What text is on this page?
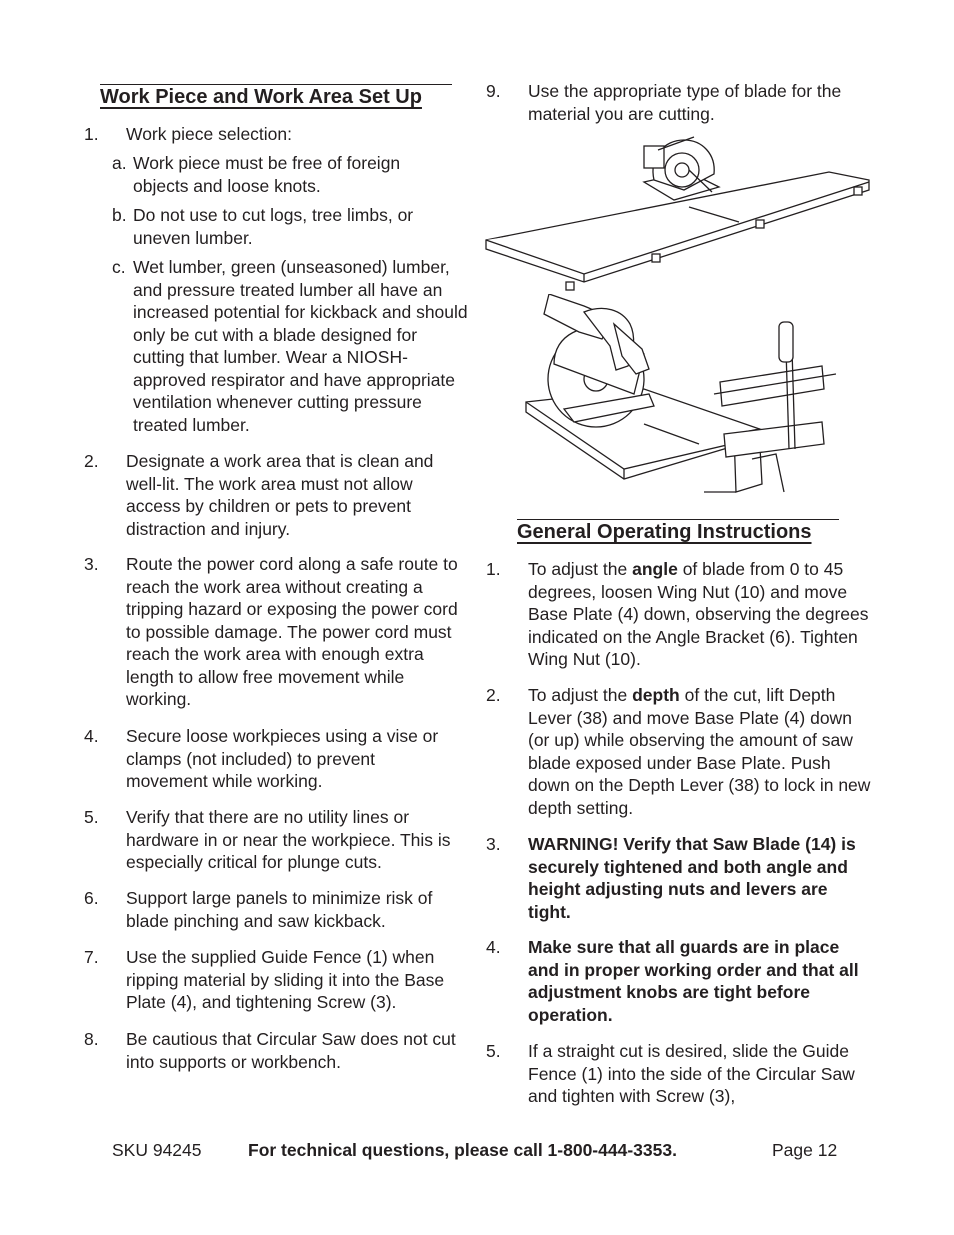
Work Piece and Work Area Set Up
1. Work piece selection:
a. Work piece must be free of foreign objects and loose knots.
b. Do not use to cut logs, tree limbs, or uneven lumber.
c. Wet lumber, green (unseasoned) lumber, and pressure treated lumber all have an increased potential for kickback and should only be cut with a blade designed for cutting that lumber. Wear a NIOSH-approved respirator and have appropriate ventilation whenever cutting pressure treated lumber.
2. Designate a work area that is clean and well-lit. The work area must not allow access by children or pets to prevent distraction and injury.
3. Route the power cord along a safe route to reach the work area without creating a tripping hazard or exposing the power cord to possible damage. The power cord must reach the work area with enough extra length to allow free movement while working.
4. Secure loose workpieces using a vise or clamps (not included) to prevent movement while working.
5. Verify that there are no utility lines or hardware in or near the workpiece. This is especially critical for plunge cuts.
6. Support large panels to minimize risk of blade pinching and saw kickback.
7. Use the supplied Guide Fence (1) when ripping material by sliding it into the Base Plate (4), and tightening Screw (3).
8. Be cautious that Circular Saw does not cut into supports or workbench.
9. Use the appropriate type of blade for the material you are cutting.
General Operating Instructions
1. To adjust the angle of blade from 0 to 45 degrees, loosen Wing Nut (10) and move Base Plate (4) down, observing the degrees indicated on the Angle Bracket (6). Tighten Wing Nut (10).
2. To adjust the depth of the cut, lift Depth Lever (38) and move Base Plate (4) down (or up) while observing the amount of saw blade exposed under Base Plate. Push down on the Depth Lever (38) to lock in new depth setting.
3. WARNING! Verify that Saw Blade (14) is securely tightened and both angle and height adjusting nuts and levers are tight.
4. Make sure that all guards are in place and in proper working order and that all adjustment knobs are tight before operation.
5. If a straight cut is desired, slide the Guide Fence (1) into the side of the Circular Saw and tighten with Screw (3),
SKU 94245	For technical questions, please call 1-800-444-3353.	Page 12
